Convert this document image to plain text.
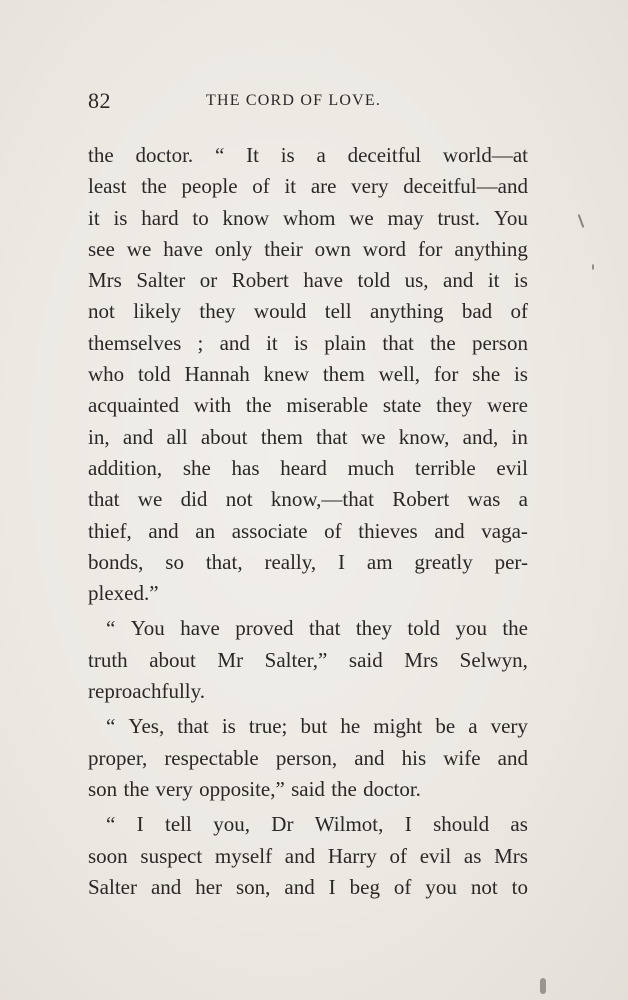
82	THE CORD OF LOVE.
the doctor. “ It is a deceitful world—at
least the people of it are very deceitful—and
it is hard to know whom we may trust. You
see we have only their own word for anything
Mrs Salter or Robert have told us, and it is
not likely they would tell anything bad of
themselves ; and it is plain that the person
who told Hannah knew them well, for she is
acquainted with the miserable state they were
in, and all about them that we know, and, in
addition, she has heard much terrible evil
that we did not know,—that Robert was a
thief, and an associate of thieves and vaga-
bonds, so that, really, I am greatly per-
plexed.”
“ You have proved that they told you the
truth about Mr Salter,” said Mrs Selwyn,
reproachfully.
“ Yes, that is true; but he might be a very
proper, respectable person, and his wife and
son the very opposite,” said the doctor.
“ I tell you, Dr Wilmot, I should as
soon suspect myself and Harry of evil as Mrs
Salter and her son, and I beg of you not to
